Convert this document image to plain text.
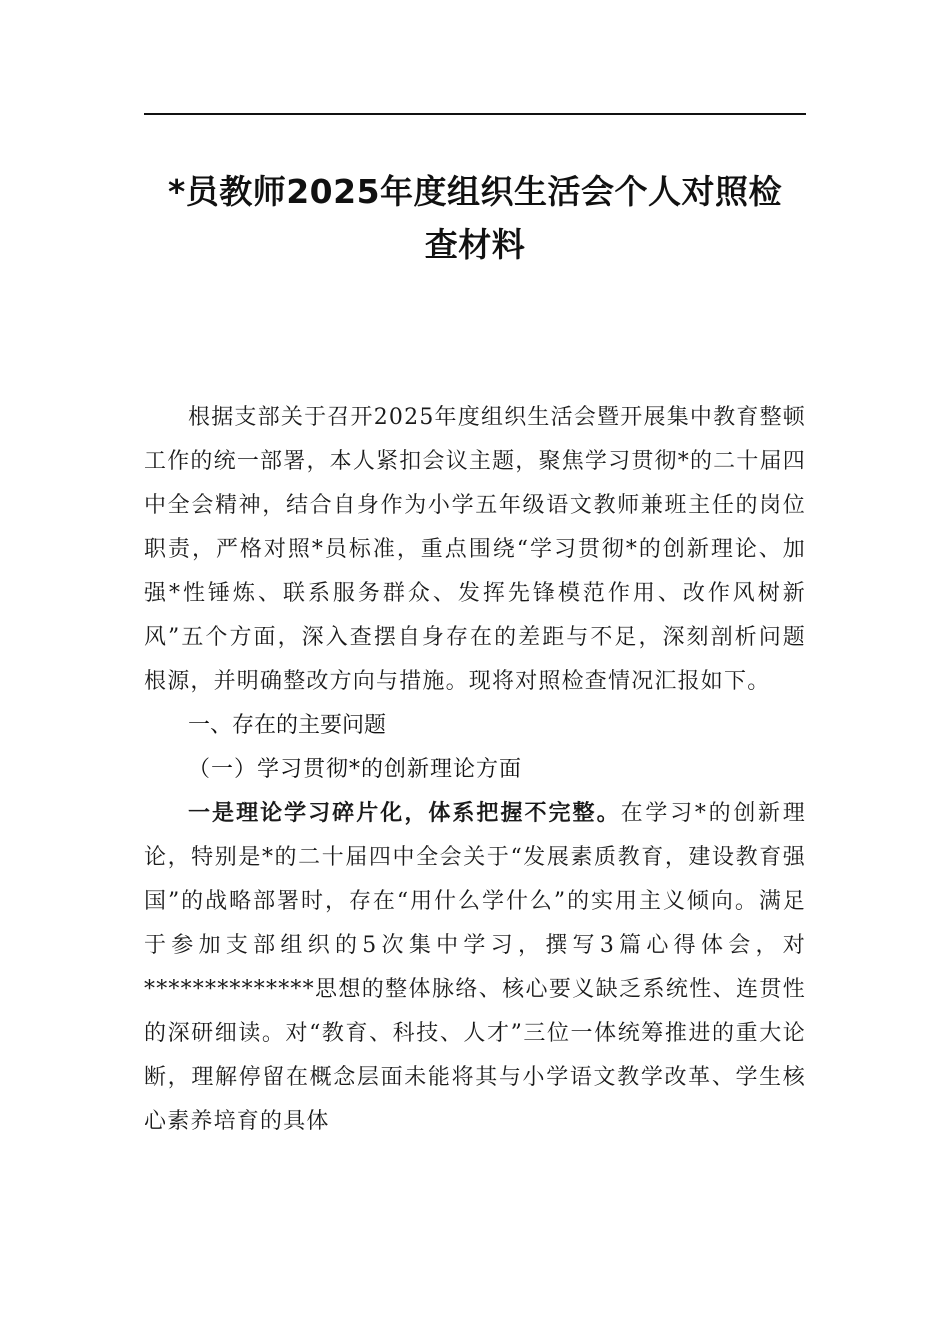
*员教师2025年度组织生活会个人对照检
查材料

根据支部关于召开2025年度组织生活会暨开展集中教育整顿工作的统一部署，本人紧扣会议主题，聚焦学习贯彻*的二十届四中全会精神，结合自身作为小学五年级语文教师兼班主任的岗位职责，严格对照*员标准，重点围绕“学习贯彻*的创新理论、加强*性锤炼、联系服务群众、发挥先锋模范作用、改作风树新风”五个方面，深入查摆自身存在的差距与不足，深刻剖析问题根源，并明确整改方向与措施。现将对照检查情况汇报如下。

一、存在的主要问题

（一）学习贯彻*的创新理论方面

一是理论学习碎片化，体系把握不完整。在学习*的创新理论，特别是*的二十届四中全会关于“发展素质教育，建设教育强国”的战略部署时，存在“用什么学什么”的实用主义倾向。满足于参加支部组织的5次集中学习，撰写3篇心得体会，对**************思想的整体脉络、核心要义缺乏系统性、连贯性的深研细读。对“教育、科技、人才”三位一体统筹推进的重大论断，理解停留在概念层面未能将其与小学语文教学改革、学生核心素养培育的具体
